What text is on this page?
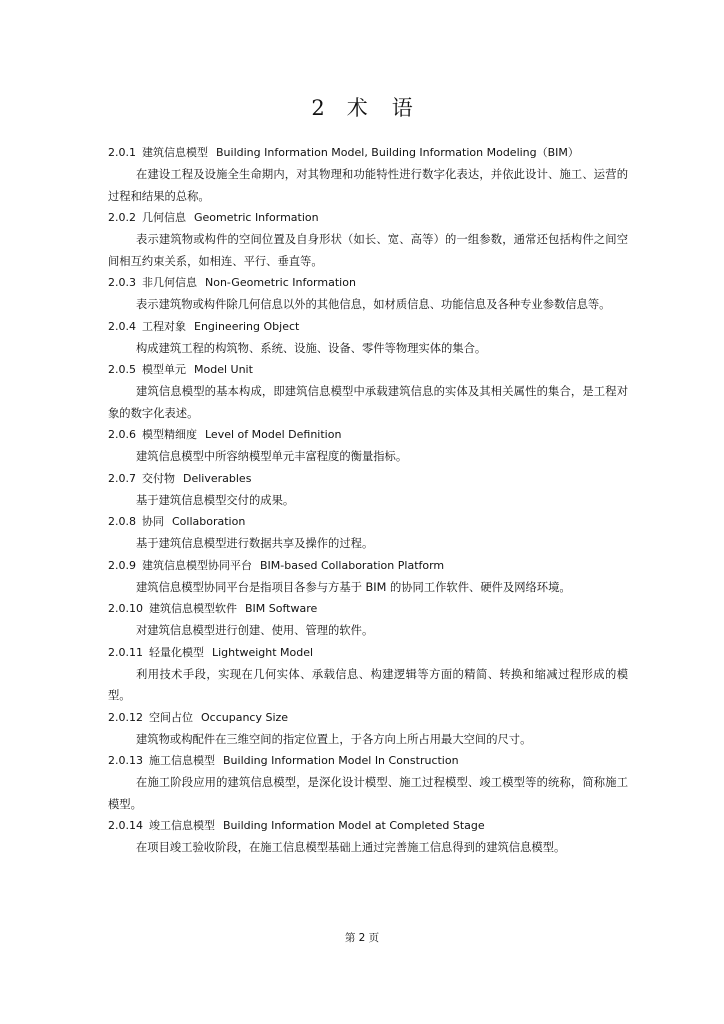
2 术 语
2.0.1 建筑信息模型 Building Information Model, Building Information Modeling（BIM）

在建设工程及设施全生命期内，对其物理和功能特性进行数字化表达，并依此设计、施工、运营的过程和结果的总称。

2.0.2 几何信息 Geometric Information

表示建筑物或构件的空间位置及自身形状（如长、宽、高等）的一组参数，通常还包括构件之间空间相互约束关系，如相连、平行、垂直等。

2.0.3 非几何信息 Non-Geometric Information

表示建筑物或构件除几何信息以外的其他信息，如材质信息、功能信息及各种专业参数信息等。

2.0.4 工程对象 Engineering Object

构成建筑工程的构筑物、系统、设施、设备、零件等物理实体的集合。

2.0.5 模型单元 Model Unit

建筑信息模型的基本构成，即建筑信息模型中承载建筑信息的实体及其相关属性的集合，是工程对象的数字化表述。

2.0.6 模型精细度 Level of Model Definition

建筑信息模型中所容纳模型单元丰富程度的衡量指标。

2.0.7 交付物 Deliverables

基于建筑信息模型交付的成果。

2.0.8 协同 Collaboration

基于建筑信息模型进行数据共享及操作的过程。

2.0.9 建筑信息模型协同平台 BIM-based Collaboration Platform

建筑信息模型协同平台是指项目各参与方基于 BIM 的协同工作软件、硬件及网络环境。

2.0.10 建筑信息模型软件 BIM Software

对建筑信息模型进行创建、使用、管理的软件。

2.0.11 轻量化模型 Lightweight Model

利用技术手段，实现在几何实体、承载信息、构建逻辑等方面的精简、转换和缩减过程形成的模型。

2.0.12 空间占位 Occupancy Size

建筑物或构配件在三维空间的指定位置上，于各方向上所占用最大空间的尺寸。

2.0.13 施工信息模型 Building Information Model In Construction

在施工阶段应用的建筑信息模型，是深化设计模型、施工过程模型、竣工模型等的统称，简称施工模型。

2.0.14 竣工信息模型 Building Information Model at Completed Stage

在项目竣工验收阶段，在施工信息模型基础上通过完善施工信息得到的建筑信息模型。

第 2 页
